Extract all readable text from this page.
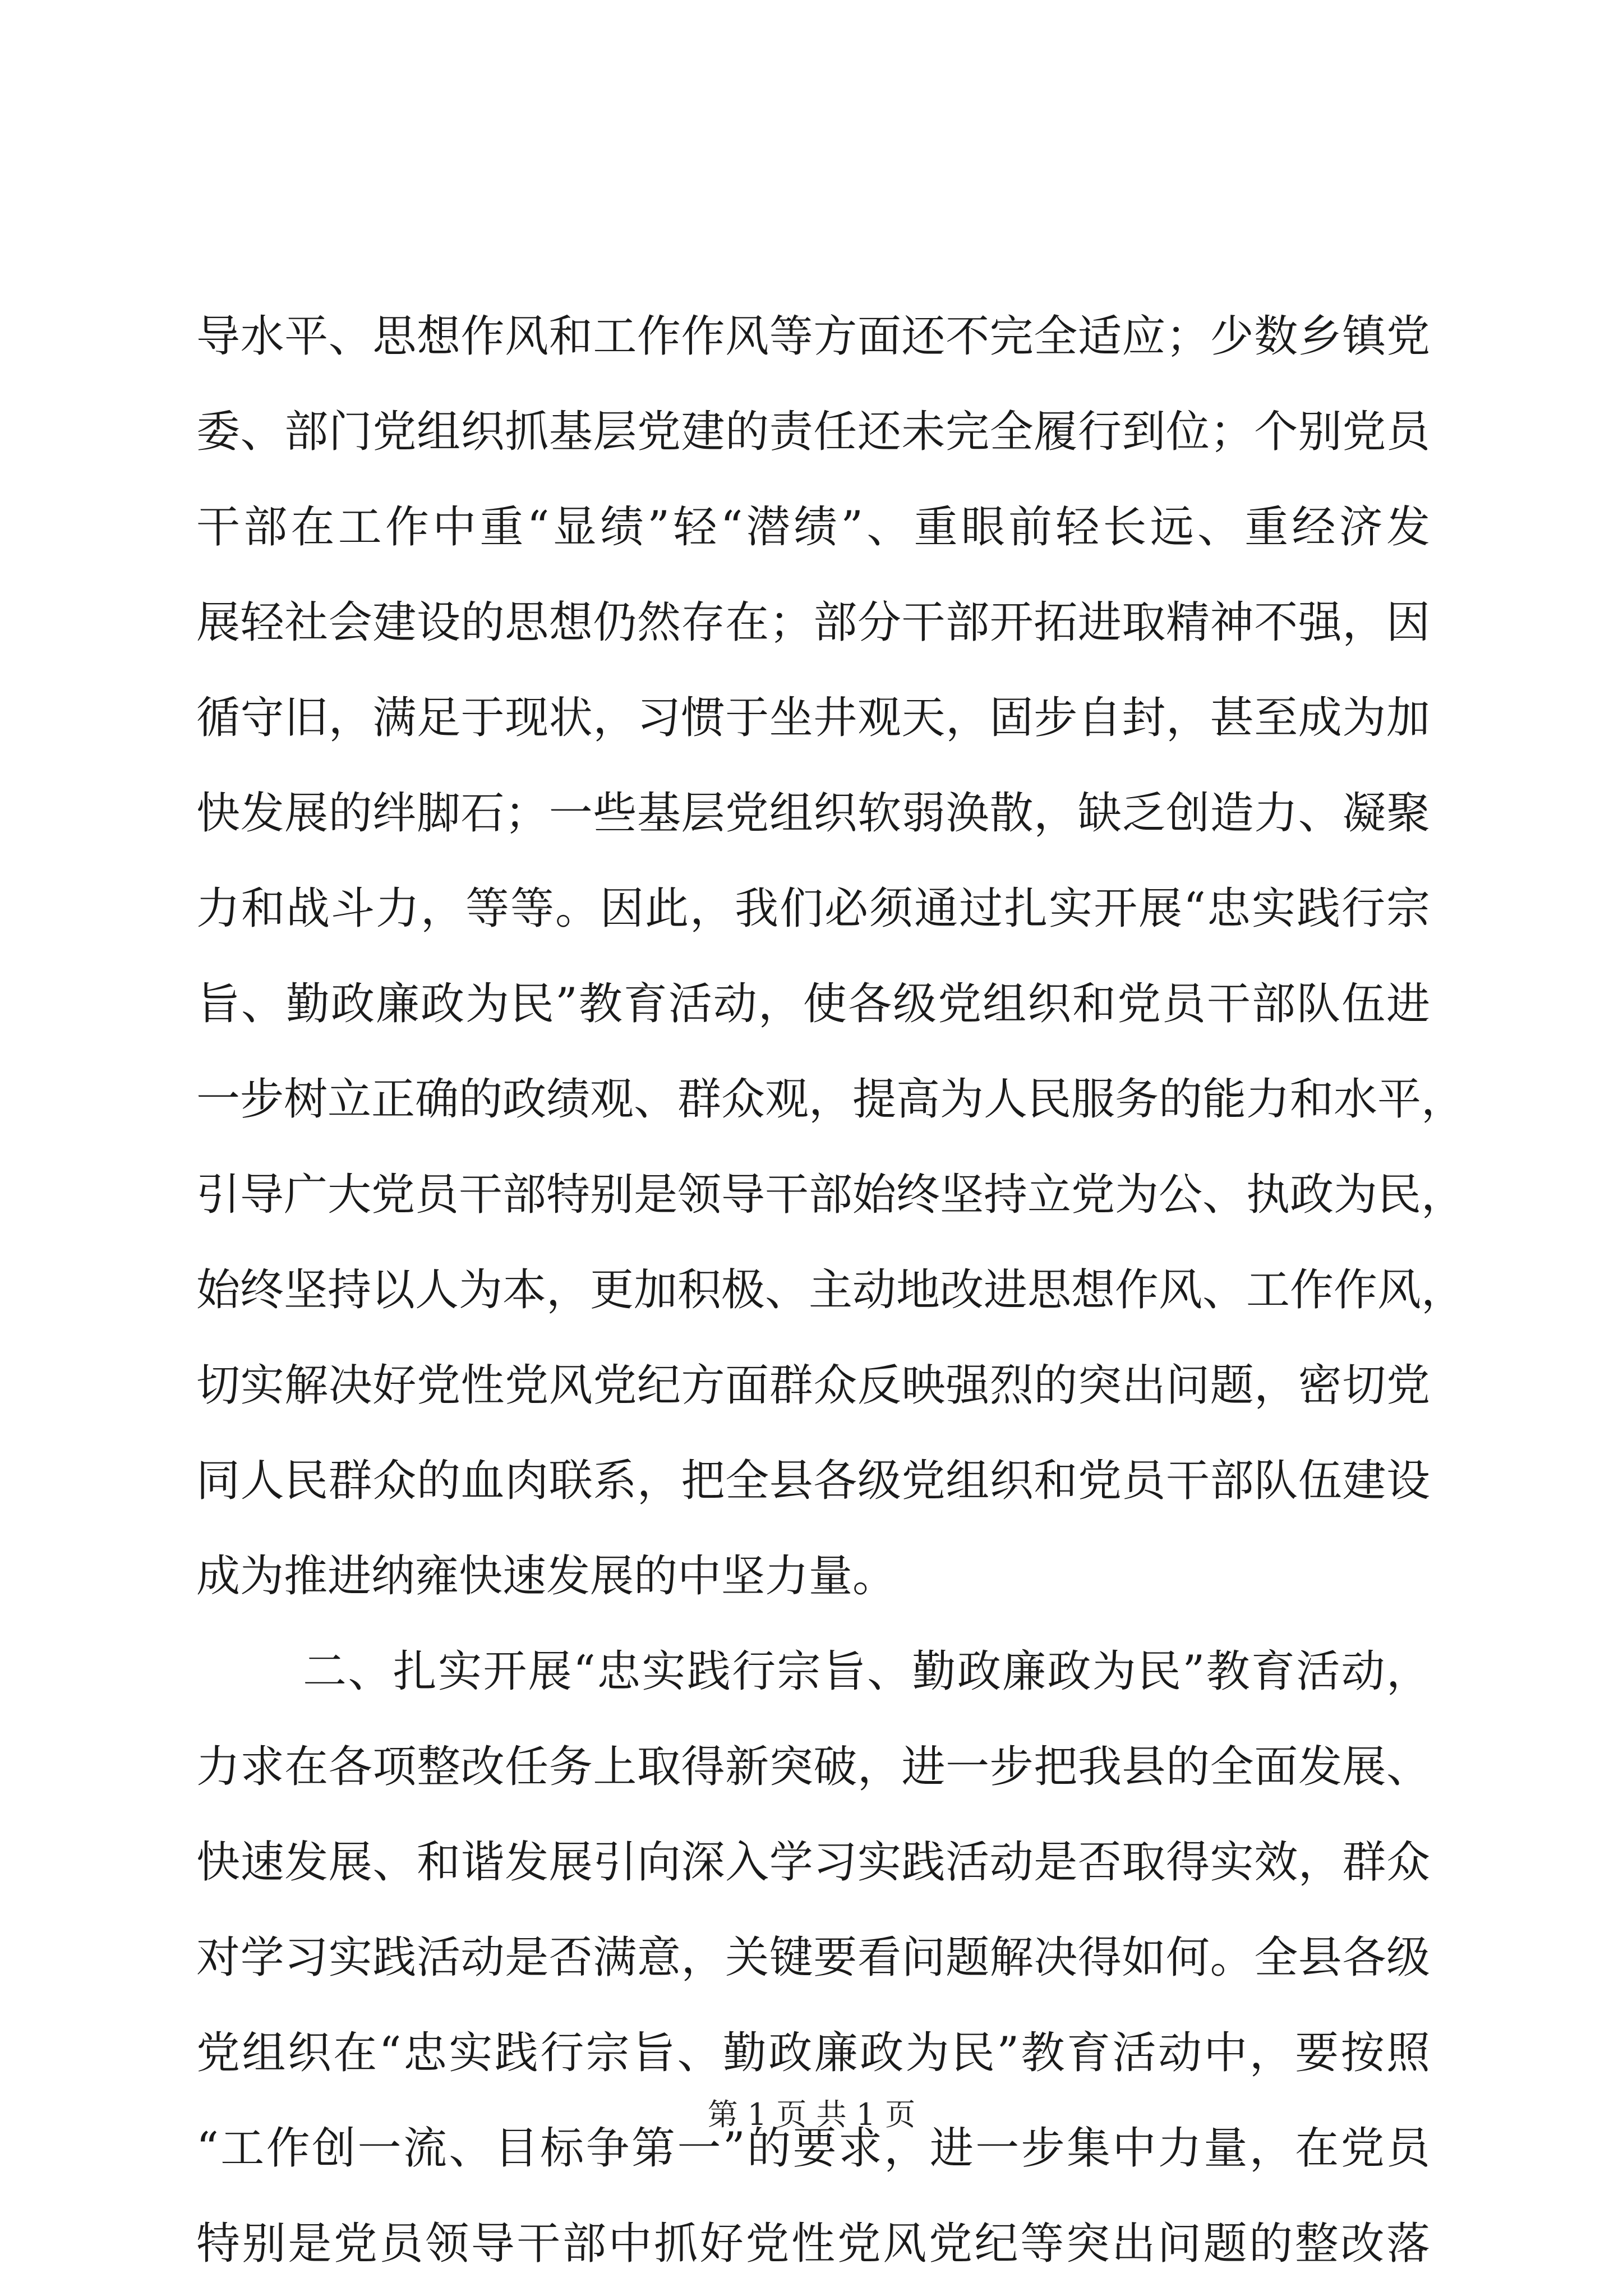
导水平、思想作风和工作作风等方面还不完全适应；少数乡镇党
委、部门党组织抓基层党建的责任还未完全履行到位；个别党员
干部在工作中重“显绩”轻“潜绩”、重眼前轻长远、重经济发
展轻社会建设的思想仍然存在；部分干部开拓进取精神不强，因
循守旧，满足于现状，习惯于坐井观天，固步自封，甚至成为加
快发展的绊脚石；一些基层党组织软弱涣散，缺乏创造力、凝聚
力和战斗力，等等。因此，我们必须通过扎实开展“忠实践行宗
旨、勤政廉政为民”教育活动，使各级党组织和党员干部队伍进
一步树立正确的政绩观、群众观，提高为人民服务的能力和水平，
引导广大党员干部特别是领导干部始终坚持立党为公、执政为民，
始终坚持以人为本，更加积极、主动地改进思想作风、工作作风，
切实解决好党性党风党纪方面群众反映强烈的突出问题，密切党
同人民群众的血肉联系，把全县各级党组织和党员干部队伍建设
成为推进纳雍快速发展的中坚力量。
二、扎实开展“忠实践行宗旨、勤政廉政为民”教育活动，
力求在各项整改任务上取得新突破，进一步把我县的全面发展、
快速发展、和谐发展引向深入学习实践活动是否取得实效，群众
对学习实践活动是否满意，关键要看问题解决得如何。全县各级
党组织在“忠实践行宗旨、勤政廉政为民”教育活动中，要按照
“工作创一流、目标争第一”的要求，进一步集中力量，在党员
特别是党员领导干部中抓好党性党风党纪等突出问题的整改落
第 1 页 共 1 页
